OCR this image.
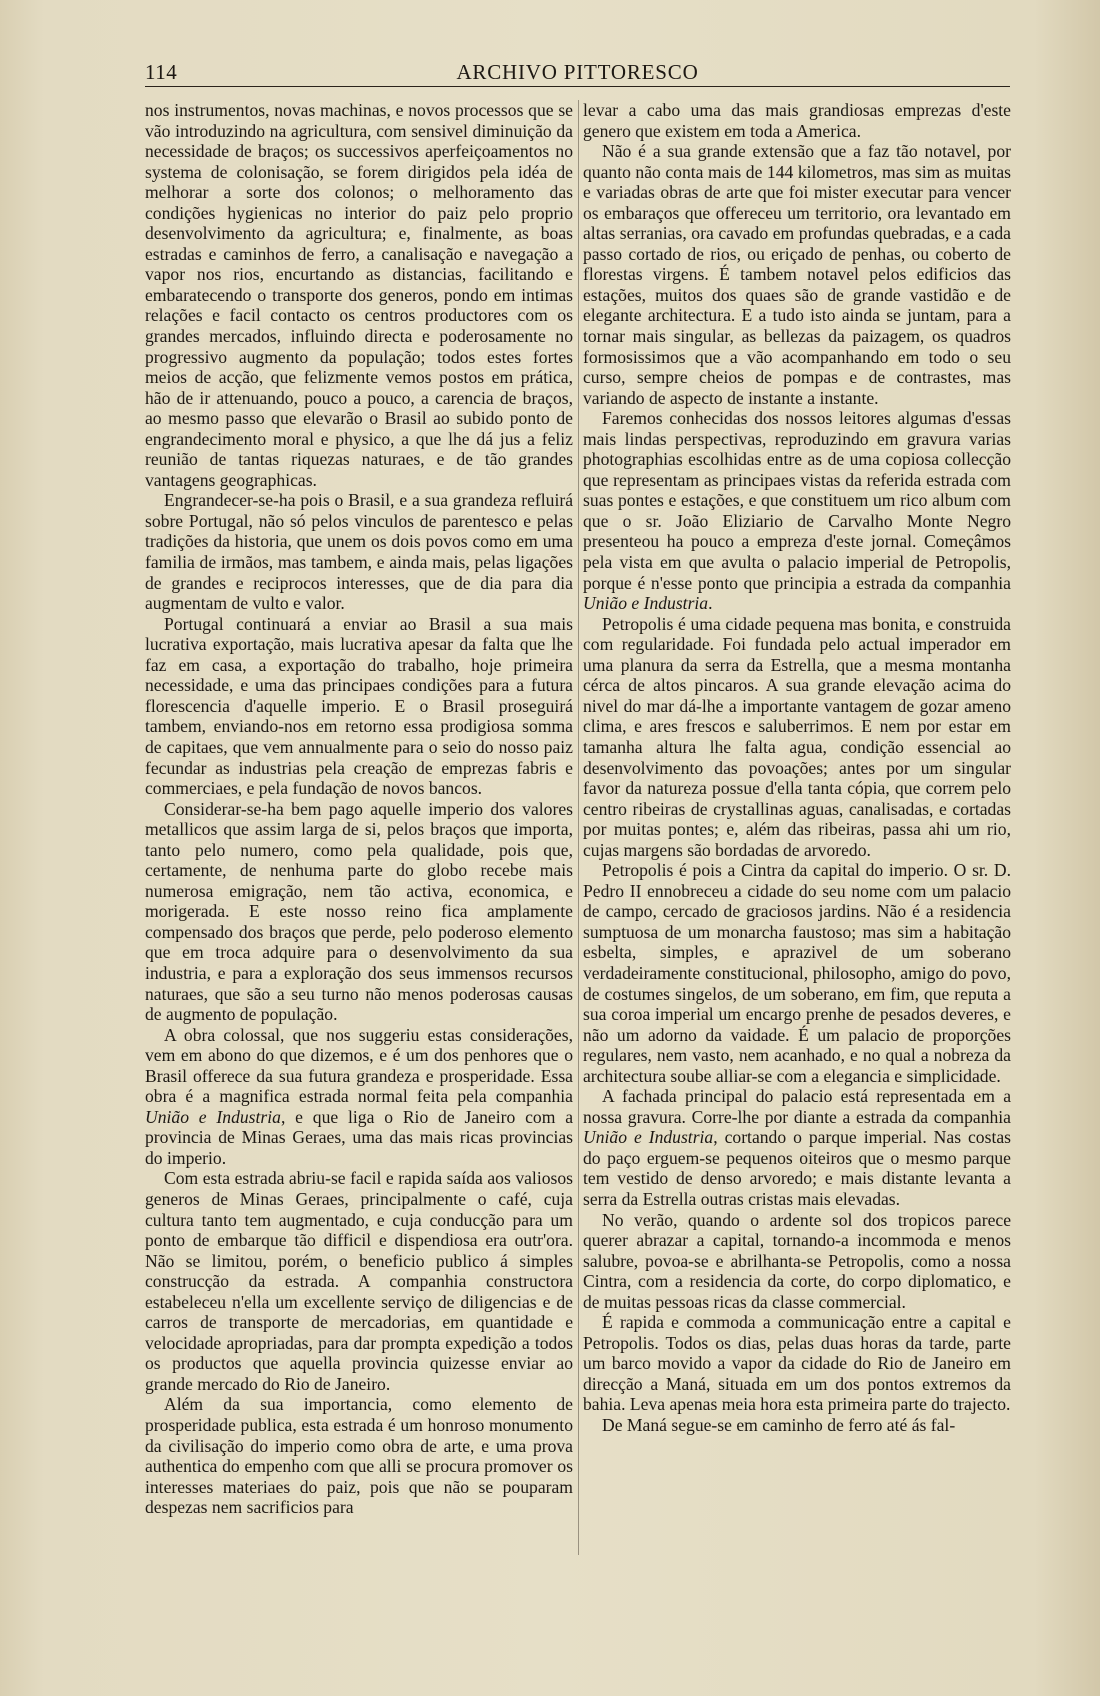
114	ARCHIVO PITTORESCO

nos instrumentos, novas machinas, e novos processos que se vão introduzindo na agricultura, com sensivel diminuição da necessidade de braços; os successivos aperfeiçoamentos no systema de colonisação, se forem dirigidos pela idéa de melhorar a sorte dos colonos; o melhoramento das condições hygienicas no interior do paiz pelo proprio desenvolvimento da agricultura; e, finalmente, as boas estradas e caminhos de ferro, a canalisação e navegação a vapor nos rios, encurtando as distancias, facilitando e embaratecendo o transporte dos generos, pondo em intimas relações e facil contacto os centros productores com os grandes mercados, influindo directa e poderosamente no progressivo augmento da população; todos estes fortes meios de acção, que felizmente vemos postos em prática, hão de ir attenuando, pouco a pouco, a carencia de braços, ao mesmo passo que elevarão o Brasil ao subido ponto de engrandecimento moral e physico, a que lhe dá jus a feliz reunião de tantas riquezas naturaes, e de tão grandes vantagens geographicas.

Engrandecer-se-ha pois o Brasil, e a sua grandeza refluirá sobre Portugal, não só pelos vinculos de parentesco e pelas tradições da historia, que unem os dois povos como em uma familia de irmãos, mas tambem, e ainda mais, pelas ligações de grandes e reciprocos interesses, que de dia para dia augmentam de vulto e valor.

Portugal continuará a enviar ao Brasil a sua mais lucrativa exportação, mais lucrativa apesar da falta que lhe faz em casa, a exportação do trabalho, hoje primeira necessidade, e uma das principaes condições para a futura florescencia d'aquelle imperio. E o Brasil proseguirá tambem, enviando-nos em retorno essa prodigiosa somma de capitaes, que vem annualmente para o seio do nosso paiz fecundar as industrias pela creação de emprezas fabris e commerciaes, e pela fundação de novos bancos.

Considerar-se-ha bem pago aquelle imperio dos valores metallicos que assim larga de si, pelos braços que importa, tanto pelo numero, como pela qualidade, pois que, certamente, de nenhuma parte do globo recebe mais numerosa emigração, nem tão activa, economica, e morigerada. E este nosso reino fica amplamente compensado dos braços que perde, pelo poderoso elemento que em troca adquire para o desenvolvimento da sua industria, e para a exploração dos seus immensos recursos naturaes, que são a seu turno não menos poderosas causas de augmento de população.

A obra colossal, que nos suggeriu estas considerações, vem em abono do que dizemos, e é um dos penhores que o Brasil offerece da sua futura grandeza e prosperidade. Essa obra é a magnifica estrada normal feita pela companhia União e Industria, e que liga o Rio de Janeiro com a provincia de Minas Geraes, uma das mais ricas provincias do imperio.

Com esta estrada abriu-se facil e rapida saída aos valiosos generos de Minas Geraes, principalmente o café, cuja cultura tanto tem augmentado, e cuja conducção para um ponto de embarque tão difficil e dispendiosa era outr'ora. Não se limitou, porém, o beneficio publico á simples construcção da estrada. A companhia constructora estabeleceu n'ella um excellente serviço de diligencias e de carros de transporte de mercadorias, em quantidade e velocidade apropriadas, para dar prompta expedição a todos os productos que aquella provincia quizesse enviar ao grande mercado do Rio de Janeiro.

Além da sua importancia, como elemento de prosperidade publica, esta estrada é um honroso monumento da civilisação do imperio como obra de arte, e uma prova authentica do empenho com que alli se procura promover os interesses materiaes do paiz, pois que não se pouparam despezas nem sacrificios para

levar a cabo uma das mais grandiosas emprezas d'este genero que existem em toda a America.

Não é a sua grande extensão que a faz tão notavel, por quanto não conta mais de 144 kilometros, mas sim as muitas e variadas obras de arte que foi mister executar para vencer os embaraços que offereceu um territorio, ora levantado em altas serranias, ora cavado em profundas quebradas, e a cada passo cortado de rios, ou eriçado de penhas, ou coberto de florestas virgens. É tambem notavel pelos edificios das estações, muitos dos quaes são de grande vastidão e de elegante architectura. E a tudo isto ainda se juntam, para a tornar mais singular, as bellezas da paizagem, os quadros formosissimos que a vão acompanhando em todo o seu curso, sempre cheios de pompas e de contrastes, mas variando de aspecto de instante a instante.

Faremos conhecidas dos nossos leitores algumas d'essas mais lindas perspectivas, reproduzindo em gravura varias photographias escolhidas entre as de uma copiosa collecção que representam as principaes vistas da referida estrada com suas pontes e estações, e que constituem um rico album com que o sr. João Eliziario de Carvalho Monte Negro presenteou ha pouco a empreza d'este jornal. Começâmos pela vista em que avulta o palacio imperial de Petropolis, porque é n'esse ponto que principia a estrada da companhia União e Industria.

Petropolis é uma cidade pequena mas bonita, e construida com regularidade. Foi fundada pelo actual imperador em uma planura da serra da Estrella, que a mesma montanha cérca de altos pincaros. A sua grande elevação acima do nivel do mar dá-lhe a importante vantagem de gozar ameno clima, e ares frescos e saluberrimos. E nem por estar em tamanha altura lhe falta agua, condição essencial ao desenvolvimento das povoações; antes por um singular favor da natureza possue d'ella tanta cópia, que correm pelo centro ribeiras de crystallinas aguas, canalisadas, e cortadas por muitas pontes; e, além das ribeiras, passa ahi um rio, cujas margens são bordadas de arvoredo.

Petropolis é pois a Cintra da capital do imperio. O sr. D. Pedro II ennobreceu a cidade do seu nome com um palacio de campo, cercado de graciosos jardins. Não é a residencia sumptuosa de um monarcha faustoso; mas sim a habitação esbelta, simples, e aprazivel de um soberano verdadeiramente constitucional, philosopho, amigo do povo, de costumes singelos, de um soberano, em fim, que reputa a sua coroa imperial um encargo prenhe de pesados deveres, e não um adorno da vaidade. É um palacio de proporções regulares, nem vasto, nem acanhado, e no qual a nobreza da architectura soube alliar-se com a elegancia e simplicidade.

A fachada principal do palacio está representada em a nossa gravura. Corre-lhe por diante a estrada da companhia União e Industria, cortando o parque imperial. Nas costas do paço erguem-se pequenos oiteiros que o mesmo parque tem vestido de denso arvoredo; e mais distante levanta a serra da Estrella outras cristas mais elevadas.

No verão, quando o ardente sol dos tropicos parece querer abrazar a capital, tornando-a incommoda e menos salubre, povoa-se e abrilhanta-se Petropolis, como a nossa Cintra, com a residencia da corte, do corpo diplomatico, e de muitas pessoas ricas da classe commercial.

É rapida e commoda a communicação entre a capital e Petropolis. Todos os dias, pelas duas horas da tarde, parte um barco movido a vapor da cidade do Rio de Janeiro em direcção a Maná, situada em um dos pontos extremos da bahia. Leva apenas meia hora esta primeira parte do trajecto.

De Maná segue-se em caminho de ferro até ás fal-
